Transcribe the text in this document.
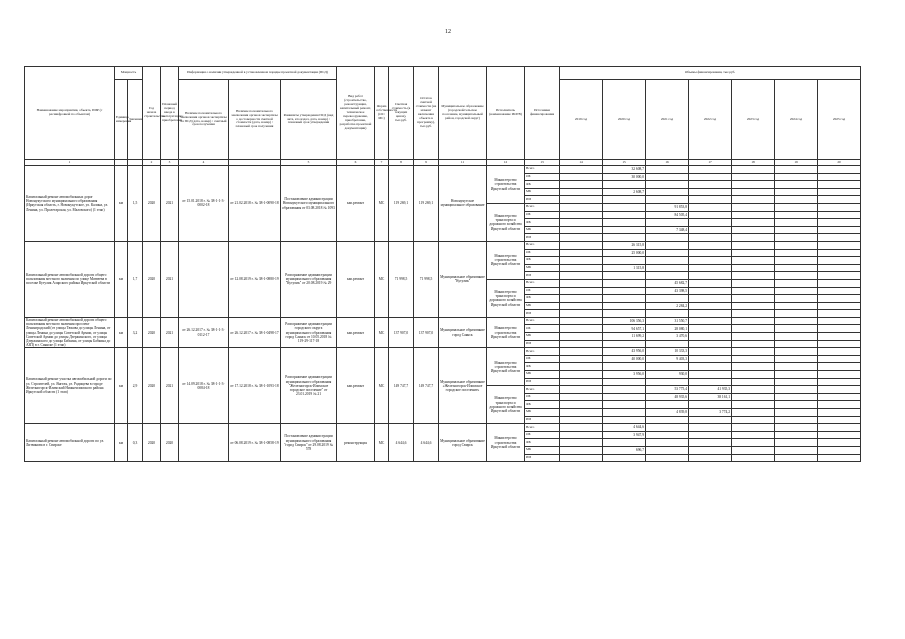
12
Наименование мероприятия, объекта, ПИР (с расшифровкой по объектам)	Мощность		Год начала строительства	Плановый период ввода в эксплуатацию/приобретения	Информация о наличии утвержденной в установленном порядке проектной документации (ПСД)			Вид работ (строительство, реконструкция, капитальный ремонт, техническое перевооружение, приобретение, разработка проектной документации)	Форма собственности (ОС/МС)	Сметная стоимость (в текущих ценах), тыс.руб.	Остаток сметной стоимости (на момент включения объекта в программу), тыс.руб.	Муниципальное образование (городской/сельское поселение, муниципальный район, городской округ)	Исполнитель (наименование ИОГВ)	Источники финансирования	Объемы финансирования, тыс.руб.						
	Единица измерения	Значение			Наличие положительного заключения органов экспертизы на ПСД (дата, номер) / сметный срок получения	Наличие положительного заключения органов экспертизы о достоверности сметной стоимости (дата, номер) / плановый срок получения	Реквизиты утверждения ПСД (вид акта, кто издал, дата, номер) / плановый срок утверждения								2019 год	2020 год	2021 год	2022 год	2023 год	2024 год	2025 год
1			2	3	4		5	6	7	8	9	11	12	13	14	15	16	17	18	19	20
Капитальный ремонт автомобильных дорог Новонукутского муниципального образования (Иркутская область, г. Новонукутское, ул. Калина, ул. Ленина, ул. Пролетарская, ул. Маловского) (1 этап)	км	1,5	2020	2021	от 15.01.2018 г. № 38-1-1-3-0002-18	от 21.02.2018 г. № 38-1-0090-18	Постановление администрации Новонукутского муниципального образования от 03.08.2018 № 1093	кап.ремонт	МС	119 269,1	119 269,1	Новонукутское муниципальное образование	Министерство строительства Иркутской области	Всего		32 608,7					
														ОБ		30 000,0					
														ФБ							
														МБ		2 608,7					
														ИИ							
													Министерство транспорта и дорожного хозяйства Иркутской области	Всего			91 853,8				
														ОБ			84 505,4				
														ФБ							
														МБ			7 348,4				
														ИИ							
Капитальный ремонт автомобильной дороги общего пользования местного значения по улице Матвеева в поселке Кутулик Аларского района Иркутской области	км	1,7	2020	2021		от 12.08.2019 г. № 38-1-0880-19	Распоряжение администрации муниципального образования "Кутулик" от 20.08.2019 № 29	кап.ремонт	МС	71 998,5	71 998,5	Муниципальное образование "Кутулик"	Министерство строительства Иркутской области	Всего		26 315,8					
														ОБ		25 000,0					
														ФБ							
														МБ		1 315,8					
														ИИ							
													Министерство транспорта и дорожного хозяйства Иркутской области	Всего			45 682,7				
														ОБ			43 398,5				
														ФБ							
														МБ			2 284,2				
														ИИ							
Капитальный ремонт автомобильной дороги общего пользования местного значения проспект Ленинградский (от улицы Тюкова до улицы Ленина, от улицы Ленина до улицы Советской Армии, от улицы Советской Армии до улицы Дзержинского, от улицы Дзержинского до улицы Бабкина, от улицы Бабкина до АЗП) в г. Саянске (1 этап)	км	3,2	2020	2021	от 26.12.2017 г. № 38-1-1-3-0112-17	от 26.12.2017 г. № 38-1-0498-17	Распоряжение администрации городского округа муниципального образования город Саянск от 10.05.2018 № 119-29-117-18	кап.ремонт	МС	137 907,0	137 907,0	Муниципальное образование город Саянск	Министерство строительства Иркутской области	Всего		106 356,3	31 550,7				
														ОБ		94 657,1	28 080,1				
														МБ		11 699,2	3 470,6				
														ИИ							
Капитальный ремонт участка автомобильной дороги по ул. Строителей, ул. Янгеля, ул. Радищева в городе Железногорск-Илимский Нижнеилимского района Иркутской области (1 этап)	км	2,9	2020	2021	от 14.09.2018 г. № 38-1-1-3-0084-18	от 17.12.2018 г. № 38-1-1093-18	Распоряжение администрации муниципального образования "Железногорск-Илимское городское поселение" от 23.01.2019 № 21	кап.ремонт	МС	149 747,7	149 747,7	Муниципальное образование «Железногорск-Илимское городское поселение»	Министерство строительства Иркутской области	Всего		43 956,0	10 333,3				
														ОБ		40 000,0	9 403,3				
														ФБ							
														МБ		3 956,0	930,0				
														ИИ							
													Министерство транспорта и дорожного хозяйства Иркутской области	Всего			53 775,4	41 935,3			
														ОБ			48 935,6	38 161,1			
														ФБ							
														МБ			4 839,8	3 774,2			
														ИИ							
Капитальный ремонт автомобильной дороги по ул. Литвинова в г. Свирске	км	0,3	2020	2020		от 06.08.2019 г. № 38-1-0858-19	Постановление администрации муниципального образования "город Свирск" от 29.08.2019 № 578	реконструкция	МС	4 644,6	4 644,6	Муниципальное образование город Свирск	Министерство строительства Иркутской области	Всего		4 644,6					
														ОБ		3 947,9					
														ФБ							
														МБ		696,7					
														ИИ							
